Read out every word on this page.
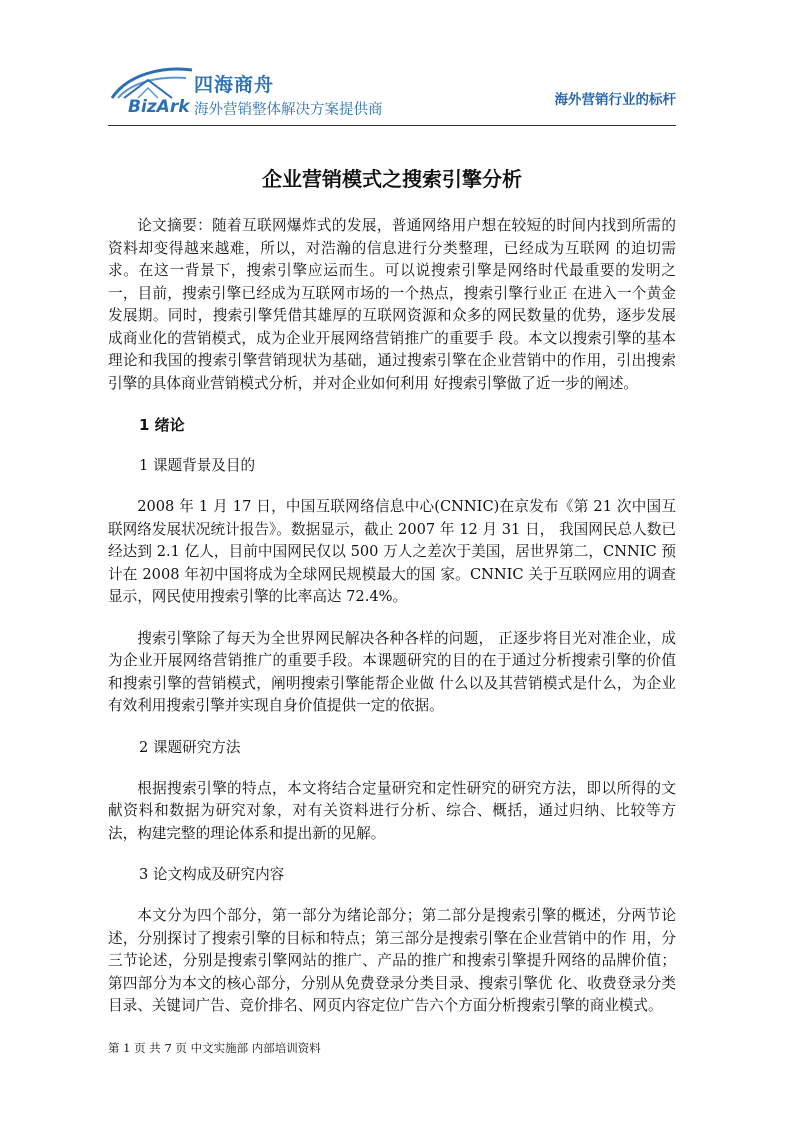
四海商舟
BizArk 海外营销整体解决方案提供商
海外营销行业的标杆
企业营销模式之搜索引擎分析

论文摘要：随着互联网爆炸式的发展，普通网络用户想在较短的时间内找到所需的资料却变得越来越难，所以，对浩瀚的信息进行分类整理，已经成为互联网 的迫切需求。在这一背景下，搜索引擎应运而生。可以说搜索引擎是网络时代最重要的发明之一，目前，搜索引擎已经成为互联网市场的一个热点，搜索引擎行业正 在进入一个黄金发展期。同时，搜索引擎凭借其雄厚的互联网资源和众多的网民数量的优势，逐步发展成商业化的营销模式，成为企业开展网络营销推广的重要手 段。本文以搜索引擎的基本理论和我国的搜索引擎营销现状为基础，通过搜索引擎在企业营销中的作用，引出搜索引擎的具体商业营销模式分析，并对企业如何利用 好搜索引擎做了近一步的阐述。

1 绪论

1 课题背景及目的

2008 年 1 月 17 日，中国互联网络信息中心(CNNIC)在京发布《第 21 次中国互联网络发展状况统计报告》。数据显示，截止 2007 年 12 月 31 日， 我国网民总人数已经达到 2.1 亿人，目前中国网民仅以 500 万人之差次于美国，居世界第二，CNNIC 预计在 2008 年初中国将成为全球网民规模最大的国 家。CNNIC 关于互联网应用的调查显示，网民使用搜索引擎的比率高达 72.4%。

搜索引擎除了每天为全世界网民解决各种各样的问题， 正逐步将目光对准企业，成为企业开展网络营销推广的重要手段。本课题研究的目的在于通过分析搜索引擎的价值和搜索引擎的营销模式，阐明搜索引擎能帮企业做 什么以及其营销模式是什么，为企业有效利用搜索引擎并实现自身价值提供一定的依据。

2 课题研究方法

根据搜索引擎的特点，本文将结合定量研究和定性研究的研究方法，即以所得的文献资料和数据为研究对象，对有关资料进行分析、综合、概括，通过归纳、比较等方法，构建完整的理论体系和提出新的见解。

3 论文构成及研究内容

本文分为四个部分，第一部分为绪论部分；第二部分是搜索引擎的概述，分两节论述，分别探讨了搜索引擎的目标和特点；第三部分是搜索引擎在企业营销中的作 用，分三节论述，分别是搜索引擎网站的推广、产品的推广和搜索引擎提升网络的品牌价值；第四部分为本文的核心部分，分别从免费登录分类目录、搜索引擎优 化、收费登录分类目录、关键词广告、竞价排名、网页内容定位广告六个方面分析搜索引擎的商业模式。

第 1 页 共 7 页 中文实施部 内部培训资料
